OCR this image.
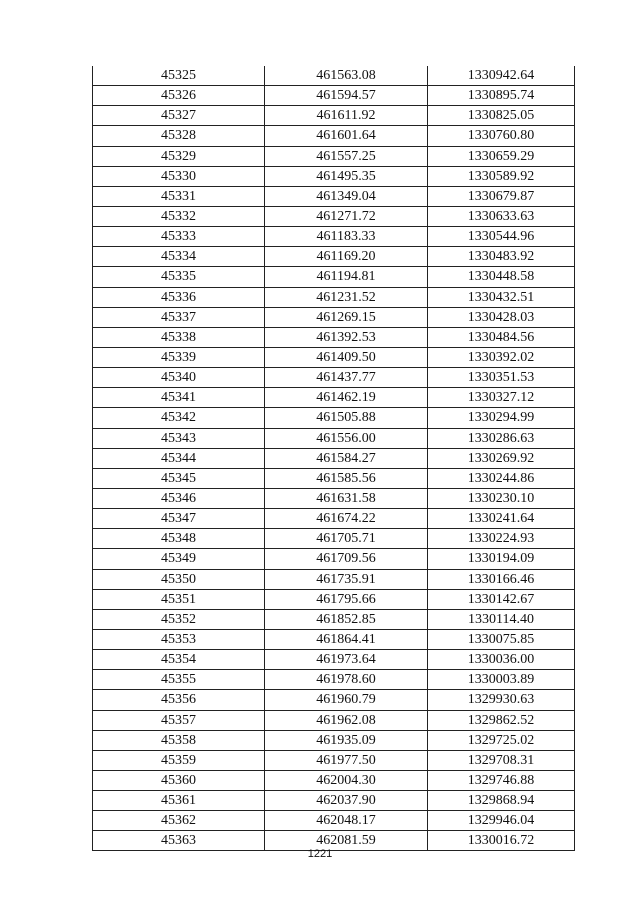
45325	461563.08	1330942.64
45326	461594.57	1330895.74
45327	461611.92	1330825.05
45328	461601.64	1330760.80
45329	461557.25	1330659.29
45330	461495.35	1330589.92
45331	461349.04	1330679.87
45332	461271.72	1330633.63
45333	461183.33	1330544.96
45334	461169.20	1330483.92
45335	461194.81	1330448.58
45336	461231.52	1330432.51
45337	461269.15	1330428.03
45338	461392.53	1330484.56
45339	461409.50	1330392.02
45340	461437.77	1330351.53
45341	461462.19	1330327.12
45342	461505.88	1330294.99
45343	461556.00	1330286.63
45344	461584.27	1330269.92
45345	461585.56	1330244.86
45346	461631.58	1330230.10
45347	461674.22	1330241.64
45348	461705.71	1330224.93
45349	461709.56	1330194.09
45350	461735.91	1330166.46
45351	461795.66	1330142.67
45352	461852.85	1330114.40
45353	461864.41	1330075.85
45354	461973.64	1330036.00
45355	461978.60	1330003.89
45356	461960.79	1329930.63
45357	461962.08	1329862.52
45358	461935.09	1329725.02
45359	461977.50	1329708.31
45360	462004.30	1329746.88
45361	462037.90	1329868.94
45362	462048.17	1329946.04
45363	462081.59	1330016.72
1221
